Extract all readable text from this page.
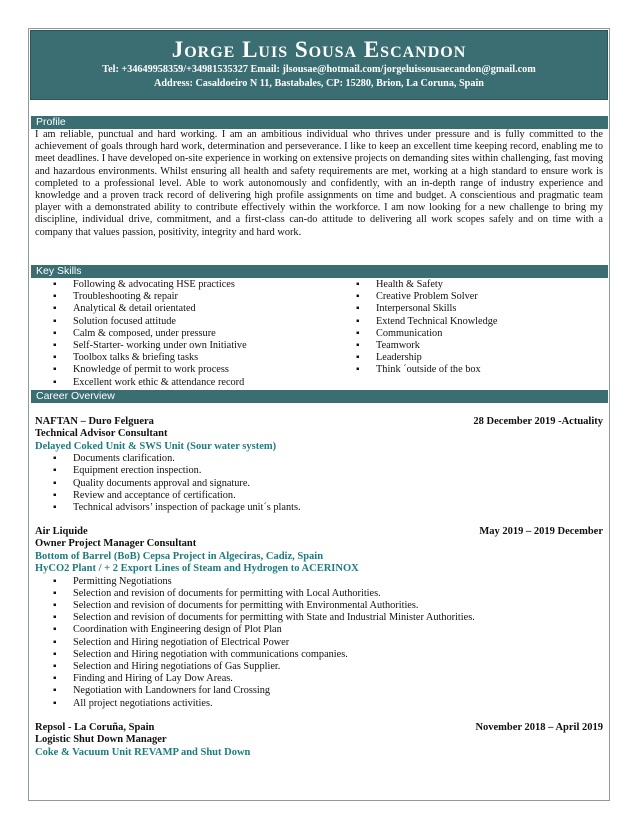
Jorge Luis Sousa Escandon
Tel: +34649958359/+34981535327 Email: jlsousae@hotmail.com/jorgeluissousaecandon@gmail.com
Address: Casaldoeiro N 11, Bastabales, CP: 15280, Brion, La Coruna, Spain
Profile
I am reliable, punctual and hard working. I am an ambitious individual who thrives under pressure and is fully committed to the achievement of goals through hard work, determination and perseverance. I like to keep an excellent time keeping record, enabling me to meet deadlines. I have developed on-site experience in working on extensive projects on demanding sites within challenging, fast moving and hazardous environments. Whilst ensuring all health and safety requirements are met, working at a high standard to ensure work is completed to a professional level. Able to work autonomously and confidently, with an in-depth range of industry experience and knowledge and a proven track record of delivering high profile assignments on time and budget. A conscientious and pragmatic team player with a demonstrated ability to contribute effectively within the workforce. I am now looking for a new challenge to bring my discipline, individual drive, commitment, and a first-class can-do attitude to delivering all work scopes safely and on time with a company that values passion, positivity, integrity and hard work.
Key Skills
▪ Following & advocating HSE practices
▪ Troubleshooting & repair
▪ Analytical & detail orientated
▪ Solution focused attitude
▪ Calm & composed, under pressure
▪ Self-Starter- working under own Initiative
▪ Toolbox talks & briefing tasks
▪ Knowledge of permit to work process
▪ Excellent work ethic & attendance record
▪ Health & Safety
▪ Creative Problem Solver
▪ Interpersonal Skills
▪ Extend Technical Knowledge
▪ Communication
▪ Teamwork
▪ Leadership
▪ Think ´outside of the box
Career Overview
NAFTAN – Duro Felguera	28 December 2019 -Actuality
Technical Advisor Consultant
Delayed Coked Unit & SWS Unit (Sour water system)
▪ Documents clarification.
▪ Equipment erection inspection.
▪ Quality documents approval and signature.
▪ Review and acceptance of certification.
▪ Technical advisors’ inspection of package unit´s plants.
Air Liquide	May 2019 – 2019 December
Owner Project Manager Consultant
Bottom of Barrel (BoB) Cepsa Project in Algeciras, Cadiz, Spain
HyCO2 Plant / + 2 Export Lines of Steam and Hydrogen to ACERINOX
▪ Permitting Negotiations
▪ Selection and revision of documents for permitting with Local Authorities.
▪ Selection and revision of documents for permitting with Environmental Authorities.
▪ Selection and revision of documents for permitting with State and Industrial Minister Authorities.
▪ Coordination with Engineering design of Plot Plan
▪ Selection and Hiring negotiation of Electrical Power
▪ Selection and Hiring negotiation with communications companies.
▪ Selection and Hiring negotiations of Gas Supplier.
▪ Finding and Hiring of Lay Dow Areas.
▪ Negotiation with Landowners for land Crossing
▪ All project negotiations activities.
Repsol - La Coruña, Spain	November 2018 – April 2019
Logistic Shut Down Manager
Coke & Vacuum Unit REVAMP and Shut Down
